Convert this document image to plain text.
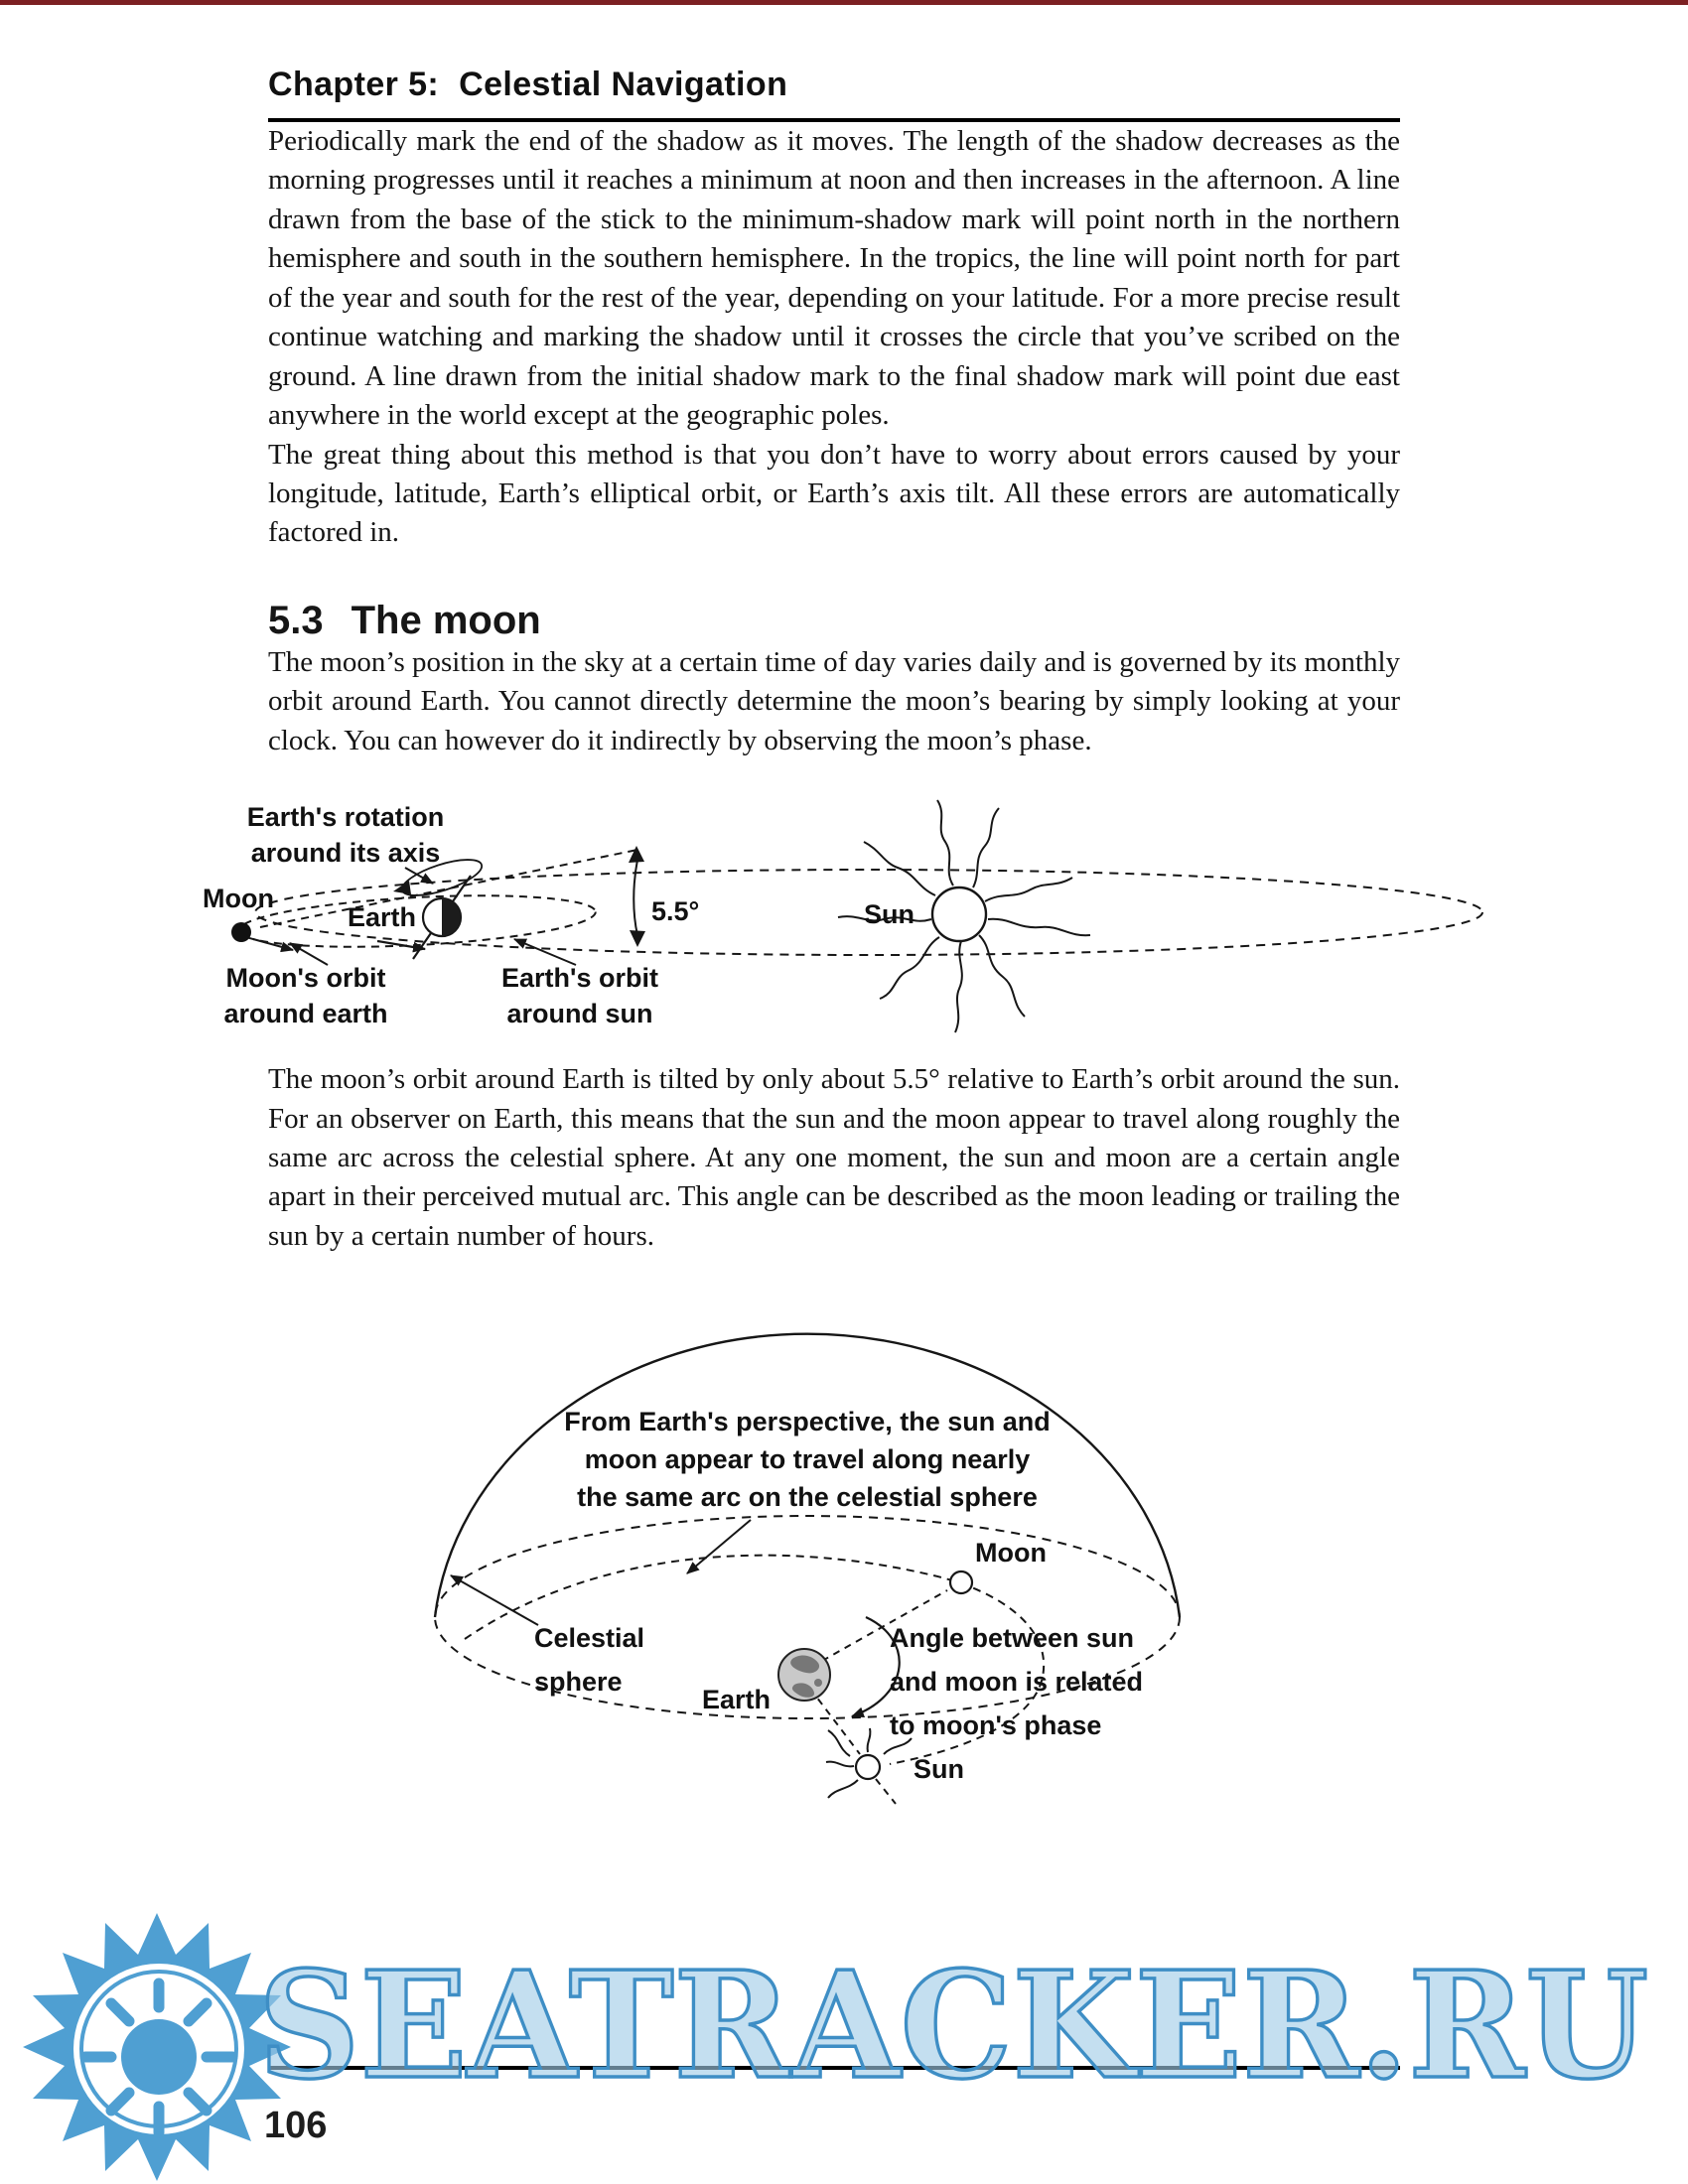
Chapter 5: Celestial Navigation

Periodically mark the end of the shadow as it moves. The length of the shadow decreases as the morning progresses until it reaches a minimum at noon and then increases in the afternoon. A line drawn from the base of the stick to the minimum-shadow mark will point north in the northern hemisphere and south in the southern hemisphere. In the tropics, the line will point north for part of the year and south for the rest of the year, depending on your latitude. For a more precise result continue watching and marking the shadow until it crosses the circle that you’ve scribed on the ground. A line drawn from the initial shadow mark to the final shadow mark will point due east anywhere in the world except at the geographic poles.

The great thing about this method is that you don’t have to worry about errors caused by your longitude, latitude, Earth’s elliptical orbit, or Earth’s axis tilt. All these errors are automatically factored in.

5.3 The moon

The moon’s position in the sky at a certain time of day varies daily and is governed by its monthly orbit around Earth. You cannot directly determine the moon’s bearing by simply looking at your clock. You can however do it indirectly by observing the moon’s phase.

Earth's rotation
around its axis
Moon
Earth	5.5°	Sun
Moon's orbit
around earth
Earth's orbit
around sun

The moon’s orbit around Earth is tilted by only about 5.5° relative to Earth’s orbit around the sun. For an observer on Earth, this means that the sun and the moon appear to travel along roughly the same arc across the celestial sphere. At any one moment, the sun and moon are a certain angle apart in their perceived mutual arc. This angle can be described as the moon leading or trailing the sun by a certain number of hours.

From Earth's perspective, the sun and
moon appear to travel along nearly
the same arc on the celestial sphere
Moon
Celestial
sphere
Earth
Angle between sun
and moon is related
to moon's phase
Sun
SEATRACKER.RU
106
